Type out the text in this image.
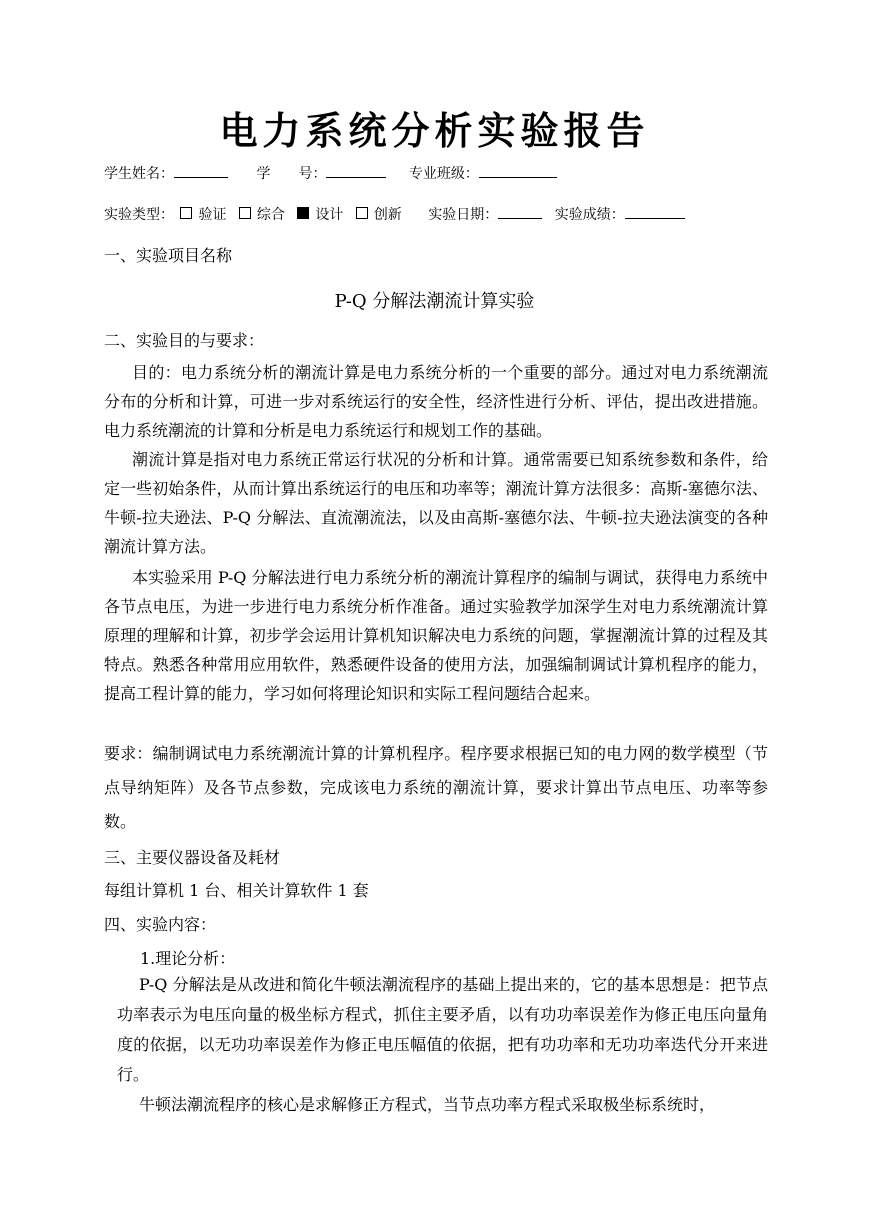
电力系统分析实验报告
学生姓名：	学　　号：	专业班级：
实验类型： 验证 综合 设计 创新 实验日期：	实验成绩：
一、实验项目名称
P-Q 分解法潮流计算实验
二、实验目的与要求：
目的：电力系统分析的潮流计算是电力系统分析的一个重要的部分。通过对电力系统潮流分布的分析和计算，可进一步对系统运行的安全性，经济性进行分析、评估，提出改进措施。电力系统潮流的计算和分析是电力系统运行和规划工作的基础。
潮流计算是指对电力系统正常运行状况的分析和计算。通常需要已知系统参数和条件，给定一些初始条件，从而计算出系统运行的电压和功率等；潮流计算方法很多：高斯-塞德尔法、牛顿-拉夫逊法、P-Q 分解法、直流潮流法，以及由高斯-塞德尔法、牛顿-拉夫逊法演变的各种潮流计算方法。
本实验采用 P-Q 分解法进行电力系统分析的潮流计算程序的编制与调试，获得电力系统中各节点电压，为进一步进行电力系统分析作准备。通过实验教学加深学生对电力系统潮流计算原理的理解和计算，初步学会运用计算机知识解决电力系统的问题，掌握潮流计算的过程及其特点。熟悉各种常用应用软件，熟悉硬件设备的使用方法，加强编制调试计算机程序的能力，提高工程计算的能力，学习如何将理论知识和实际工程问题结合起来。
要求：编制调试电力系统潮流计算的计算机程序。程序要求根据已知的电力网的数学模型（节点导纳矩阵）及各节点参数，完成该电力系统的潮流计算，要求计算出节点电压、功率等参数。
三、主要仪器设备及耗材
每组计算机 1 台、相关计算软件 1 套
四、实验内容：
1.理论分析：
P-Q 分解法是从改进和简化牛顿法潮流程序的基础上提出来的，它的基本思想是：把节点功率表示为电压向量的极坐标方程式，抓住主要矛盾，以有功功率误差作为修正电压向量角度的依据，以无功功率误差作为修正电压幅值的依据，把有功功率和无功功率迭代分开来进行。
牛顿法潮流程序的核心是求解修正方程式，当节点功率方程式采取极坐标系统时，
